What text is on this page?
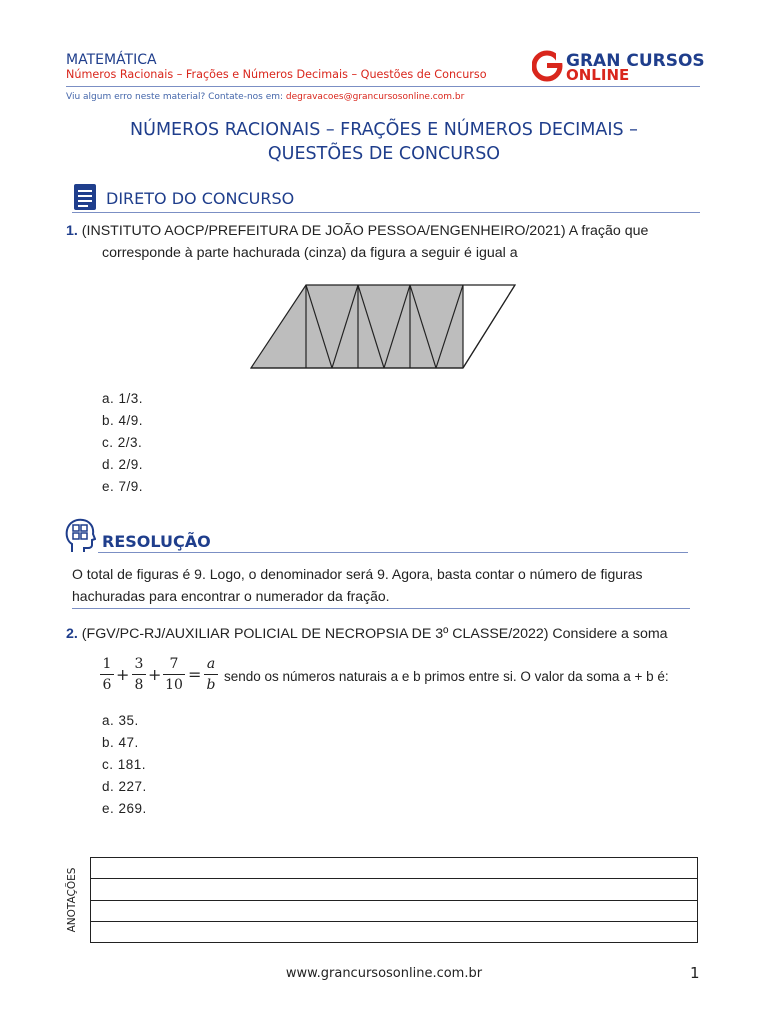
MATEMÁTICA
Números Racionais – Frações e Números Decimais – Questões de Concurso
GRAN CURSOS
ONLINE
Viu algum erro neste material? Contate-nos em: degravacoes@grancursosonline.com.br
NÚMEROS RACIONAIS – FRAÇÕES E NÚMEROS DECIMAIS –
QUESTÕES DE CONCURSO
DIRETO DO CONCURSO
1. (INSTITUTO AOCP/PREFEITURA DE JOÃO PESSOA/ENGENHEIRO/2021) A fração que
corresponde à parte hachurada (cinza) da figura a seguir é igual a
a. 1/3.
b. 4/9.
c. 2/3.
d. 2/9.
e. 7/9.
RESOLUÇÃO
O total de figuras é 9. Logo, o denominador será 9. Agora, basta contar o número de figuras
hachuradas para encontrar o numerador da fração.
2. (FGV/PC-RJ/AUXILIAR POLICIAL DE NECROPSIA DE 3º CLASSE/2022) Considere a soma
1
6
+
3
8
+
7
10
=
a
b
sendo os números naturais a e b primos entre si. O valor da soma a + b é:
a. 35.
b. 47.
c. 181.
d. 227.
e. 269.
ANOTAÇÕES
www.grancursosonline.com.br	1
